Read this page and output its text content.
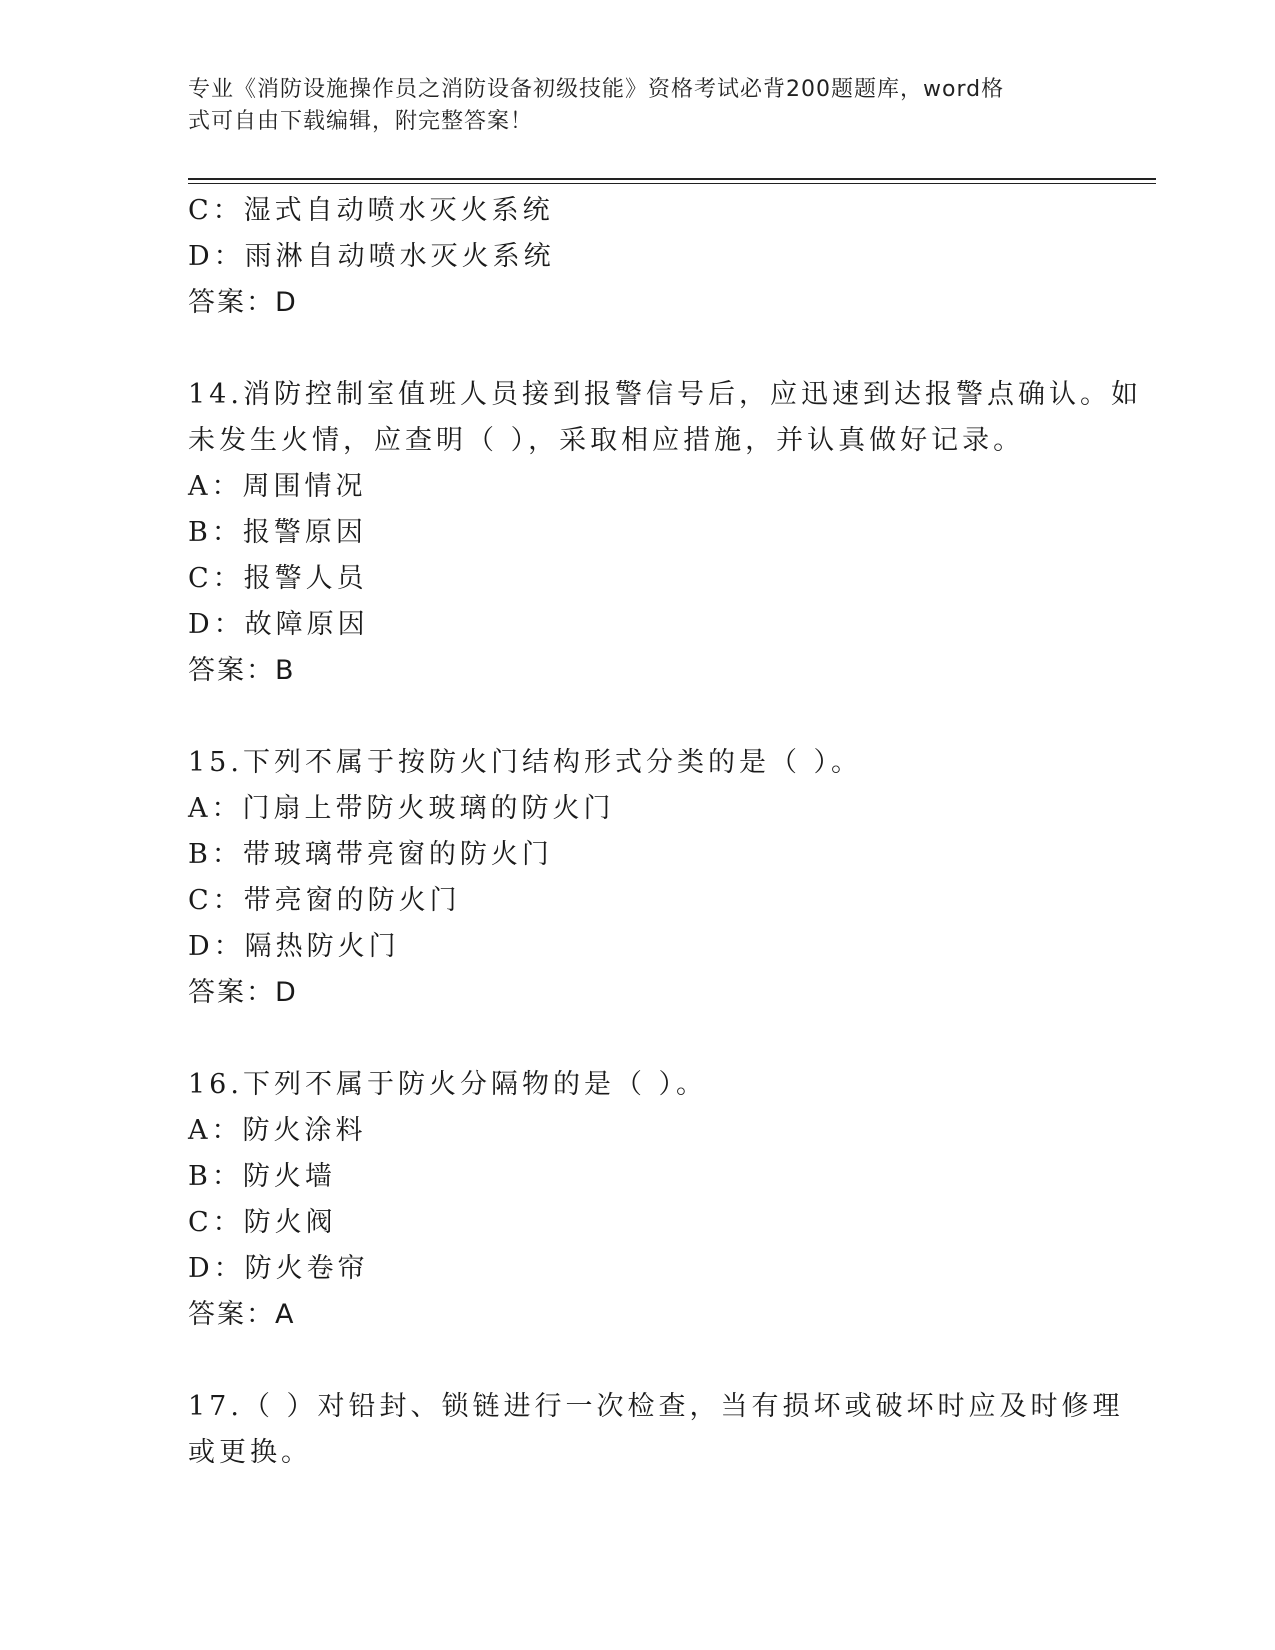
专业《消防设施操作员之消防设备初级技能》资格考试必背200题题库，word格
式可自由下载编辑，附完整答案！
C：湿式自动喷水灭火系统
D：雨淋自动喷水灭火系统
答案：D
14.消防控制室值班人员接到报警信号后，应迅速到达报警点确认。如
未发生火情，应查明（ ），采取相应措施，并认真做好记录。
A：周围情况
B：报警原因
C：报警人员
D：故障原因
答案：B
15.下列不属于按防火门结构形式分类的是（ ）。
A：门扇上带防火玻璃的防火门
B：带玻璃带亮窗的防火门
C：带亮窗的防火门
D：隔热防火门
答案：D
16.下列不属于防火分隔物的是（ ）。
A：防火涂料
B：防火墙
C：防火阀
D：防火卷帘
答案：A
17.（ ）对铅封、锁链进行一次检查，当有损坏或破坏时应及时修理
或更换。
